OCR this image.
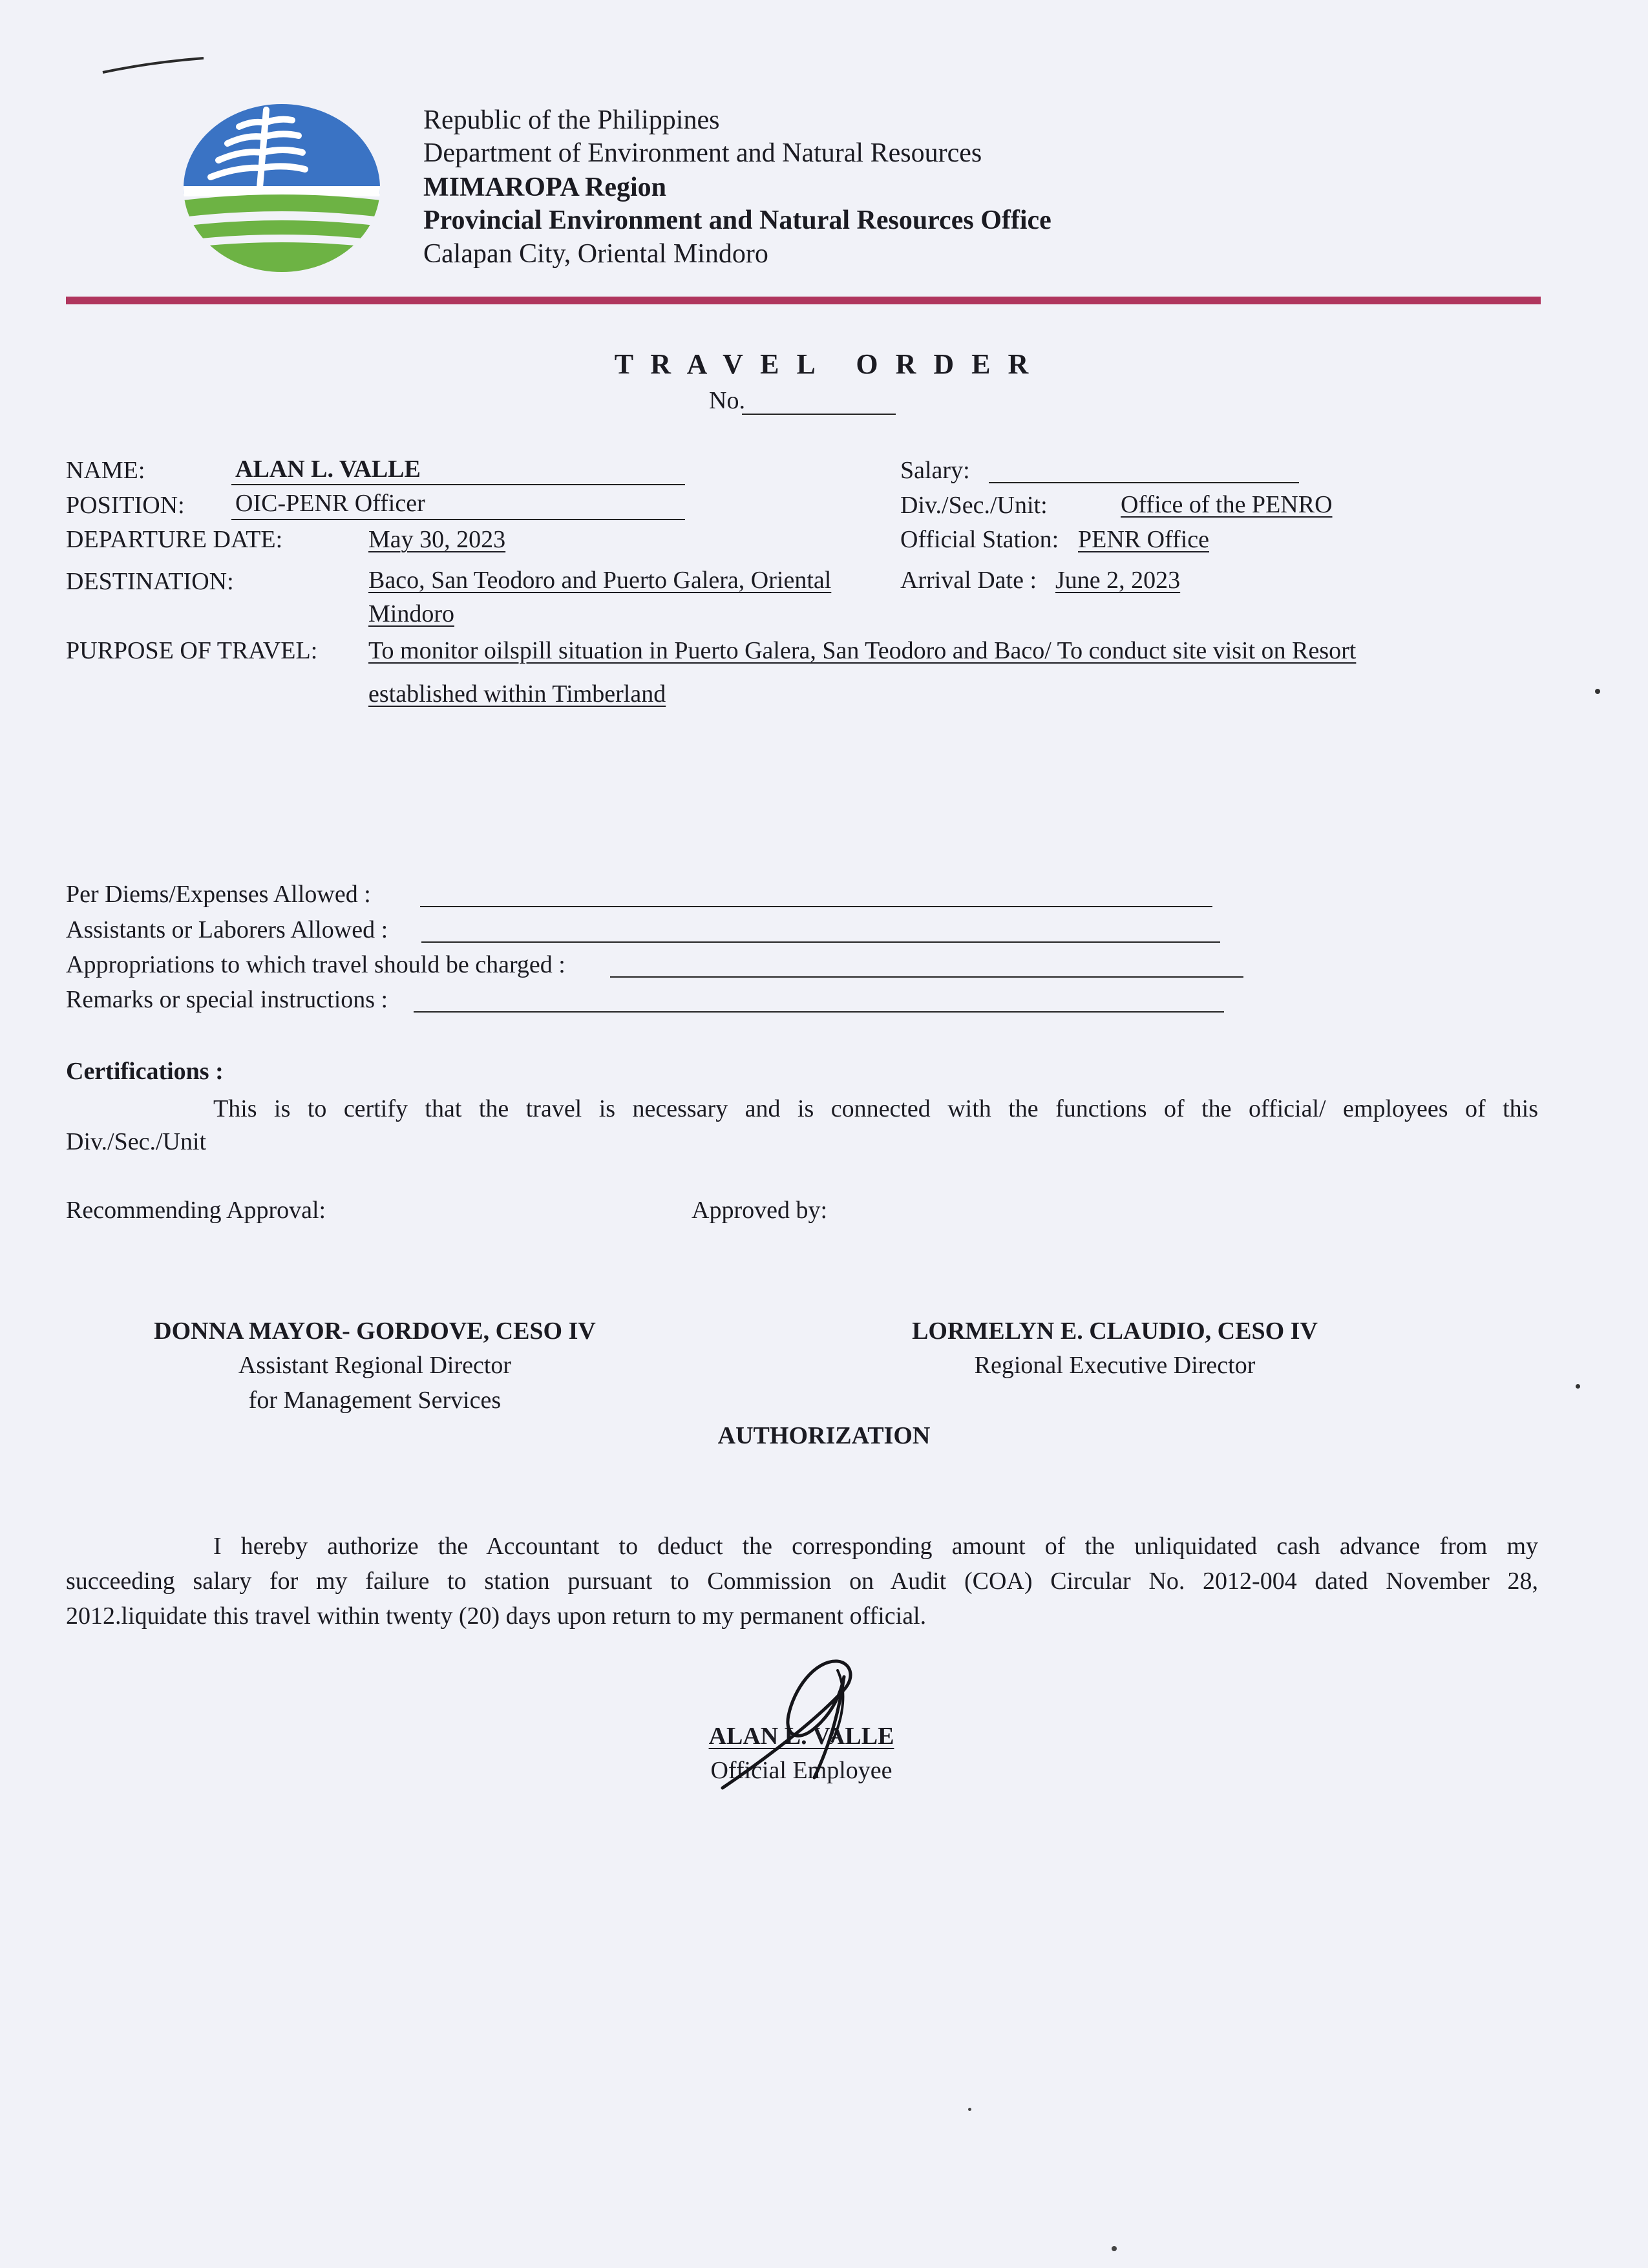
Republic of the Philippines
Department of Environment and Natural Resources
MIMAROPA Region
Provincial Environment and Natural Resources Office
Calapan City, Oriental Mindoro
T R A V E L   O R D E R
No.
NAME:	ALAN L. VALLE
POSITION: OIC-PENR Officer
DEPARTURE DATE:	May 30, 2023
DESTINATION:	Baco, San Teodoro and Puerto Galera, Oriental
Mindoro
PURPOSE OF TRAVEL: To monitor oilspill situation in Puerto Galera, San Teodoro and Baco/ To conduct site visit on Resort
established within Timberland
Salary:
Div./Sec./Unit:	Office of the PENRO
Official Station: PENR Office
Arrival Date : June 2, 2023
Per Diems/Expenses Allowed :
Assistants or Laborers Allowed :
Appropriations to which travel should be charged :
Remarks or special instructions :
Certifications :
This is to certify that the travel is necessary and is connected with the functions of the official/ employees of this
Div./Sec./Unit
Recommending Approval:	Approved by:
DONNA MAYOR- GORDOVE, CESO IV
Assistant Regional Director
for Management Services
LORMELYN E. CLAUDIO, CESO IV
Regional Executive Director
AUTHORIZATION
I hereby authorize the Accountant to deduct the corresponding amount of the unliquidated cash advance from my
succeeding salary for my failure to station pursuant to Commission on Audit (COA) Circular No. 2012-004 dated November 28,
2012.liquidate this travel within twenty (20) days upon return to my permanent official.
ALAN L. VALLE
Official Employee
